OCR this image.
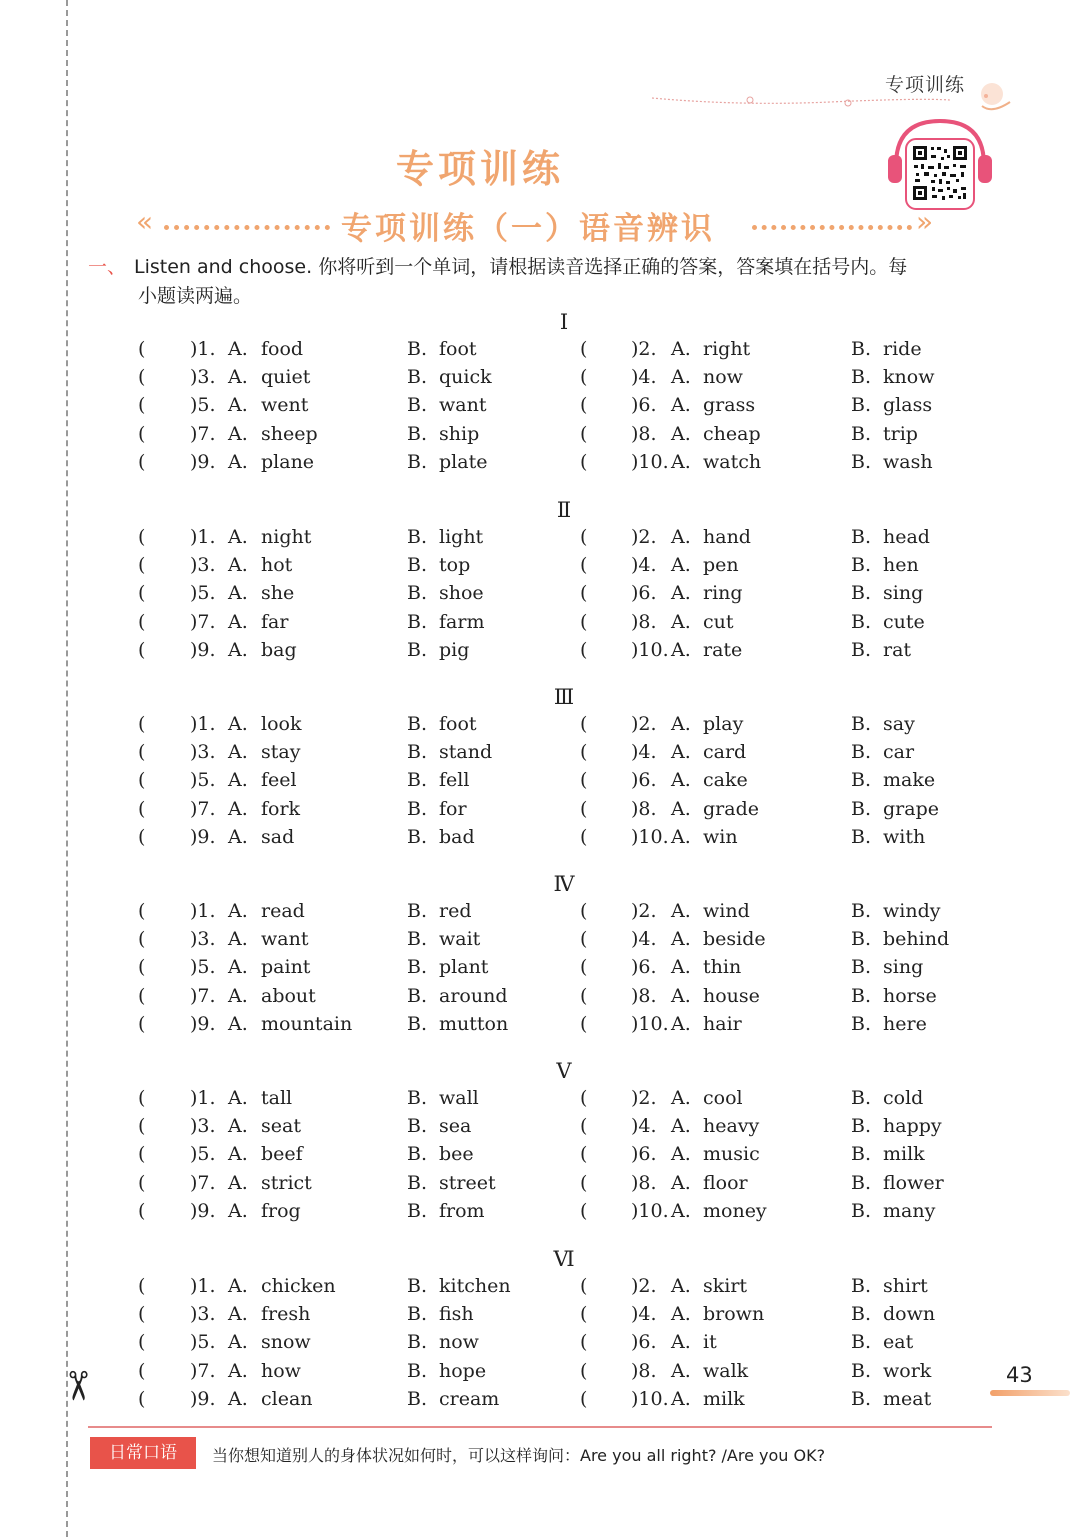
✂
专项训练
专项训练
«	专项训练（一）语音辨识	»
一、 Listen and choose. 你将听到一个单词，请根据读音选择正确的答案，答案填在括号内。每
小题读两遍。
Ⅰ
( )1. A. food	B. foot	( )2. A. right	B. ride
( )3. A. quiet	B. quick	( )4. A. now	B. know
( )5. A. went	B. want	( )6. A. grass	B. glass
( )7. A. sheep	B. ship	( )8. A. cheap	B. trip
( )9. A. plane	B. plate	( )10. A. watch	B. wash
Ⅱ
( )1. A. night	B. light	( )2. A. hand	B. head
( )3. A. hot	B. top	( )4. A. pen	B. hen
( )5. A. she	B. shoe	( )6. A. ring	B. sing
( )7. A. far	B. farm	( )8. A. cut	B. cute
( )9. A. bag	B. pig	( )10. A. rate	B. rat
Ⅲ
( )1. A. look	B. foot	( )2. A. play	B. say
( )3. A. stay	B. stand	( )4. A. card	B. car
( )5. A. feel	B. fell	( )6. A. cake	B. make
( )7. A. fork	B. for	( )8. A. grade	B. grape
( )9. A. sad	B. bad	( )10. A. win	B. with
Ⅳ
( )1. A. read	B. red	( )2. A. wind	B. windy
( )3. A. want	B. wait	( )4. A. beside	B. behind
( )5. A. paint	B. plant	( )6. A. thin	B. sing
( )7. A. about	B. around	( )8. A. house	B. horse
( )9. A. mountain	B. mutton	( )10. A. hair	B. here
Ⅴ
( )1. A. tall	B. wall	( )2. A. cool	B. cold
( )3. A. seat	B. sea	( )4. A. heavy	B. happy
( )5. A. beef	B. bee	( )6. A. music	B. milk
( )7. A. strict	B. street	( )8. A. floor	B. flower
( )9. A. frog	B. from	( )10. A. money	B. many
Ⅵ
( )1. A. chicken	B. kitchen	( )2. A. skirt	B. shirt
( )3. A. fresh	B. fish	( )4. A. brown	B. down
( )5. A. snow	B. now	( )6. A. it	B. eat
( )7. A. how	B. hope	( )8. A. walk	B. work
( )9. A. clean	B. cream	( )10. A. milk	B. meat
43
日常口语	当你想知道别人的身体状况如何时，可以这样询问：Are you all right? /Are you OK?
